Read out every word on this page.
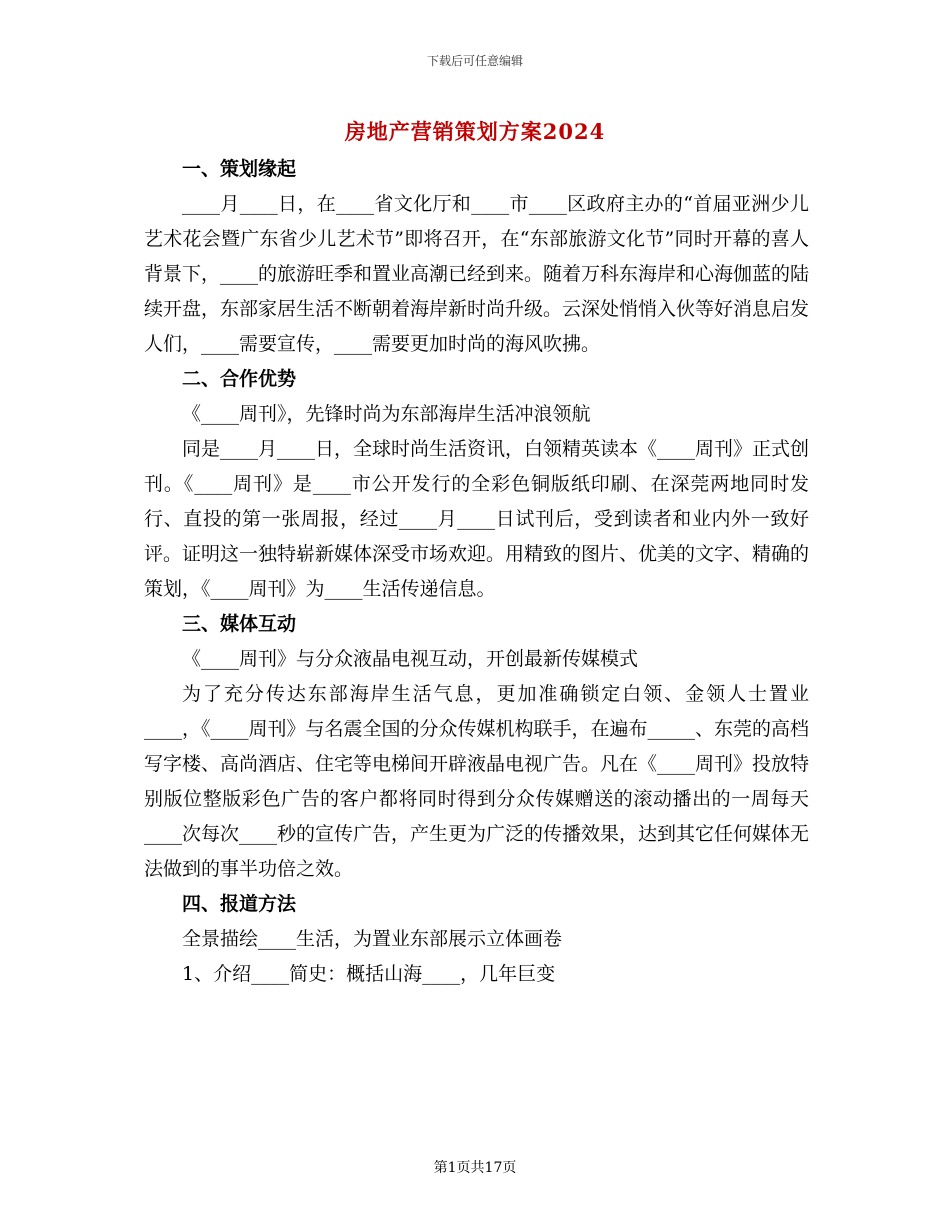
下载后可任意编辑
房地产营销策划方案2024

一、策划缘起

____月____日，在____省文化厅和____市____区政府主办的“首届亚洲少儿艺术花会暨广东省少儿艺术节”即将召开，在“东部旅游文化节”同时开幕的喜人背景下，____的旅游旺季和置业高潮已经到来。随着万科东海岸和心海伽蓝的陆续开盘，东部家居生活不断朝着海岸新时尚升级。云深处悄悄入伙等好消息启发人们，____需要宣传，____需要更加时尚的海风吹拂。

二、合作优势

《____周刊》，先锋时尚为东部海岸生活冲浪领航

同是____月____日，全球时尚生活资讯，白领精英读本《____周刊》正式创刊。《____周刊》是____市公开发行的全彩色铜版纸印刷、在深莞两地同时发行、直投的第一张周报，经过____月____日试刊后，受到读者和业内外一致好评。证明这一独特崭新媒体深受市场欢迎。用精致的图片、优美的文字、精确的策划，《____周刊》为____生活传递信息。

三、媒体互动

《____周刊》与分众液晶电视互动，开创最新传媒模式

为了充分传达东部海岸生活气息，更加准确锁定白领、金领人士置业____，《____周刊》与名震全国的分众传媒机构联手，在遍布_____、东莞的高档写字楼、高尚酒店、住宅等电梯间开辟液晶电视广告。凡在《____周刊》投放特别版位整版彩色广告的客户都将同时得到分众传媒赠送的滚动播出的一周每天____次每次____秒的宣传广告，产生更为广泛的传播效果，达到其它任何媒体无法做到的事半功倍之效。

四、报道方法

全景描绘____生活，为置业东部展示立体画卷

1、介绍____简史：概括山海____，几年巨变

第1页共17页
